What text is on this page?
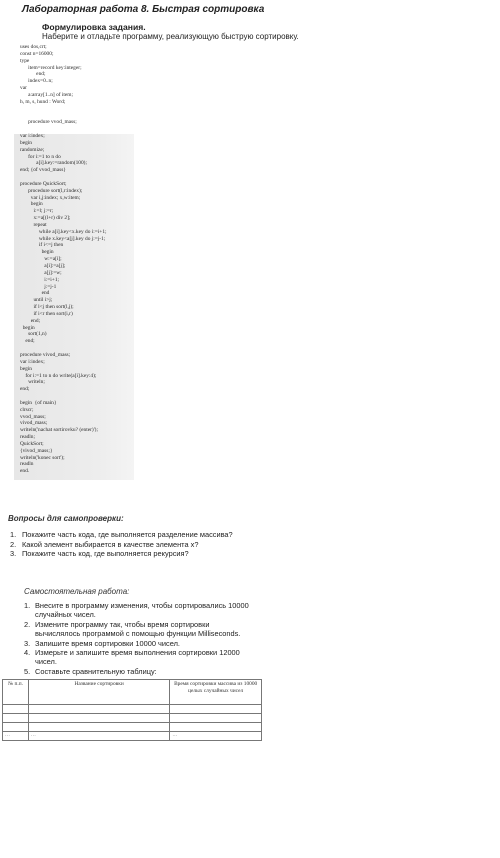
Лабораторная работа 8. Быстрая сортировка
Формулировка задания.
Наберите и отладьте программу, реализующую быструю сортировку.
uses dos,crt;
const n=16000;
type
item=record key:integer;
end;
index=0..n;
var
a:array[1..n] of item;
h, m, s, hund : Word;
procedure vvod_mass;
var i:index;
begin
randomize;
for i:=1 to n do
a[i].key:=random(100);
end; {of vvod_mass}
procedure QuickSort;
procedure sort(l,r:index);
var i,j:index; x,w:item;
begin
i:=l; j:=r;
x:=a[(l+r) div 2];
repeat
while a[i].key<x.key do i:=i+1;
while x.key<a[j].key do j:=j-1;
if i<=j then
begin
w:=a[i];
a[i]:=a[j];
a[j]:=w;
i:=i+1;
j:=j-1
end
until i>j;
if l<j then sort(l,j);
if i<r then sort(i,r)
end;
begin
sort(1,n)
end;
procedure vivod_mass;
var i:index;
begin
for i:=1 to n do write(a[i].key:4);
writeln;
end;
begin  {of main}
clrscr;
vvod_mass;
vivod_mass;
writeln('nachat sortirovku? (enter)');
readln;
QuickSort;
{vivod_mass;}
writeln('konec sort');
readln
end.
Вопросы для самопроверки:
1. Покажите часть кода, где выполняется разделение массива?
2. Какой элемент выбирается в качестве элемента х?
3. Покажите часть код, где выполняется рекурсия?
Самостоятельная работа:
1. Внесите в программу изменения, чтобы сортировались 10000 случайных чисел.
2. Измените программу так, чтобы время сортировки вычислялось программой с помощью функции Milliseconds.
3. Запишите время сортировки 10000 чисел.
4. Измерьте и запишите время выполнения сортировки 12000 чисел.
5. Составьте сравнительную таблицу:
№ п.п.	Название сортировки	Время сортировки массива из 10000 целых случайных чисел

…	…	…
